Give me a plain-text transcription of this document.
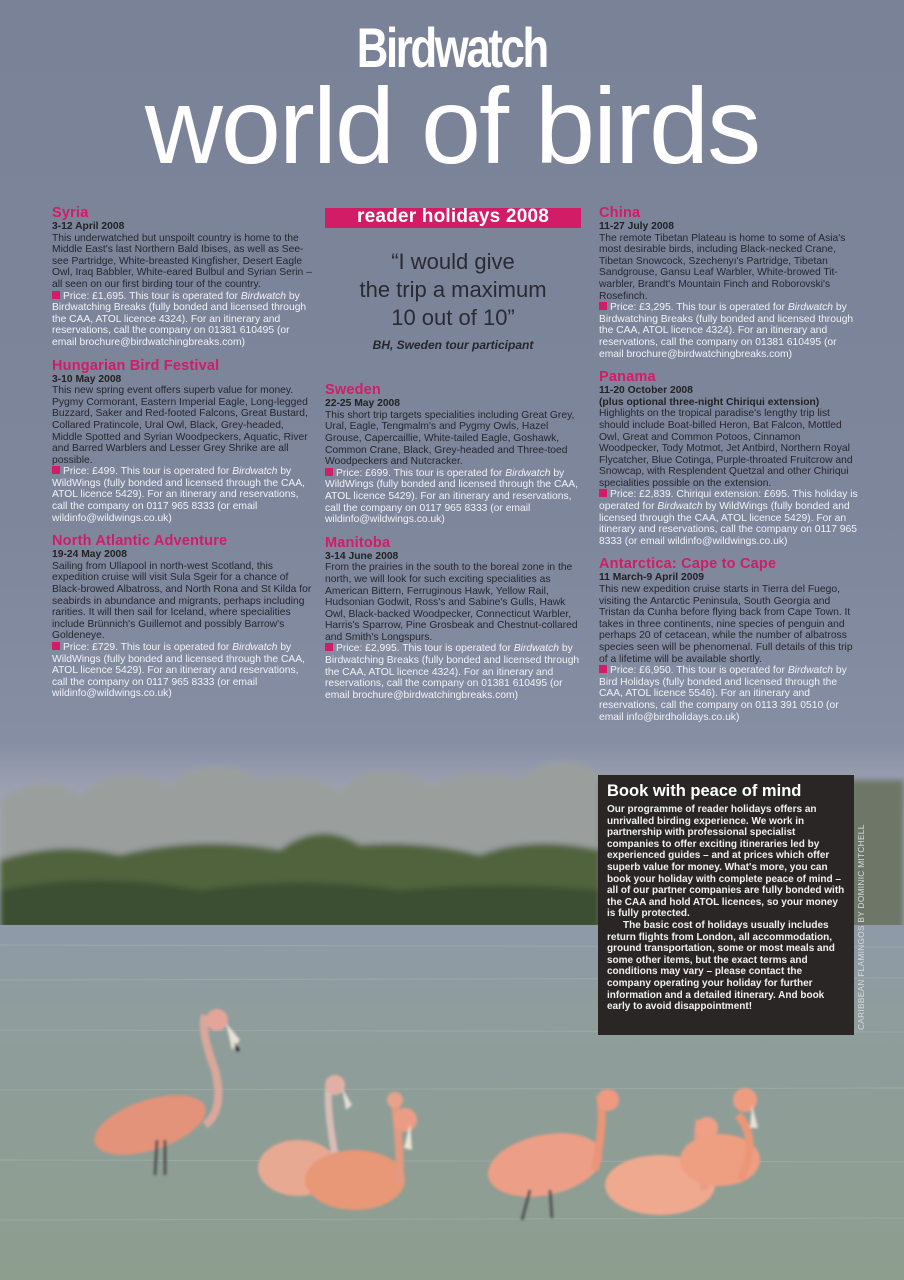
Birdwatch
world of birds
Syria
3-12 April 2008
This underwatched but unspoilt country is home to the Middle East's last Northern Bald Ibises, as well as See-see Partridge, White-breasted Kingfisher, Desert Eagle Owl, Iraq Babbler, White-eared Bulbul and Syrian Serin – all seen on our first birding tour of the country.
Price: £1,695. This tour is operated for Birdwatch by Birdwatching Breaks (fully bonded and licensed through the CAA, ATOL licence 4324). For an itinerary and reservations, call the company on 01381 610495 (or email brochure@birdwatchingbreaks.com)
Hungarian Bird Festival
3-10 May 2008
This new spring event offers superb value for money. Pygmy Cormorant, Eastern Imperial Eagle, Long-legged Buzzard, Saker and Red-footed Falcons, Great Bustard, Collared Pratincole, Ural Owl, Black, Grey-headed, Middle Spotted and Syrian Woodpeckers, Aquatic, River and Barred Warblers and Lesser Grey Shrike are all possible.
Price: £499. This tour is operated for Birdwatch by WildWings (fully bonded and licensed through the CAA, ATOL licence 5429). For an itinerary and reservations, call the company on 0117 965 8333 (or email wildinfo@wildwings.co.uk)
North Atlantic Adventure
19-24 May 2008
Sailing from Ullapool in north-west Scotland, this expedition cruise will visit Sula Sgeir for a chance of Black-browed Albatross, and North Rona and St Kilda for seabirds in abundance and migrants, perhaps including rarities. It will then sail for Iceland, where specialities include Brünnich's Guillemot and possibly Barrow's Goldeneye.
Price: £729. This tour is operated for Birdwatch by WildWings (fully bonded and licensed through the CAA, ATOL licence 5429). For an itinerary and reservations, call the company on 0117 965 8333 (or email wildinfo@wildwings.co.uk)
reader holidays 2008
“I would give
the trip a maximum
10 out of 10”
BH, Sweden tour participant
Sweden
22-25 May 2008
This short trip targets specialities including Great Grey, Ural, Eagle, Tengmalm's and Pygmy Owls, Hazel Grouse, Capercaillie, White-tailed Eagle, Goshawk, Common Crane, Black, Grey-headed and Three-toed Woodpeckers and Nutcracker.
Price: £699. This tour is operated for Birdwatch by WildWings (fully bonded and licensed through the CAA, ATOL licence 5429). For an itinerary and reservations, call the company on 0117 965 8333 (or email wildinfo@wildwings.co.uk)
Manitoba
3-14 June 2008
From the prairies in the south to the boreal zone in the north, we will look for such exciting specialities as American Bittern, Ferruginous Hawk, Yellow Rail, Hudsonian Godwit, Ross's and Sabine's Gulls, Hawk Owl, Black-backed Woodpecker, Connecticut Warbler, Harris's Sparrow, Pine Grosbeak and Chestnut-collared and Smith's Longspurs.
Price: £2,995. This tour is operated for Birdwatch by Birdwatching Breaks (fully bonded and licensed through the CAA, ATOL licence 4324). For an itinerary and reservations, call the company on 01381 610495 (or email brochure@birdwatchingbreaks.com)
China
11-27 July 2008
The remote Tibetan Plateau is home to some of Asia's most desirable birds, including Black-necked Crane, Tibetan Snowcock, Szechenyı's Partridge, Tibetan Sandgrouse, Gansu Leaf Warbler, White-browed Tit-warbler, Brandt's Mountain Finch and Roborovski's Rosefinch.
Price: £3,295. This tour is operated for Birdwatch by Birdwatching Breaks (fully bonded and licensed through the CAA, ATOL licence 4324). For an itinerary and reservations, call the company on 01381 610495 (or email brochure@birdwatchingbreaks.com)
Panama
11-20 October 2008
(plus optional three-night Chiriqui extension)
Highlights on the tropical paradise's lengthy trip list should include Boat-billed Heron, Bat Falcon, Mottled Owl, Great and Common Potoos, Cinnamon Woodpecker, Tody Motmot, Jet Antbird, Northern Royal Flycatcher, Blue Cotinga, Purple-throated Fruitcrow and Snowcap, with Resplendent Quetzal and other Chiriqui specialities possible on the extension.
Price: £2,839. Chiriqui extension: £695. This holiday is operated for Birdwatch by WildWings (fully bonded and licensed through the CAA, ATOL licence 5429). For an itinerary and reservations, call the company on 0117 965 8333 (or email wildinfo@wildwings.co.uk)
Antarctica: Cape to Cape
11 March-9 April 2009
This new expedition cruise starts in Tierra del Fuego, visiting the Antarctic Peninsula, South Georgia and Tristan da Cunha before flying back from Cape Town. It takes in three continents, nine species of penguin and perhaps 20 of cetacean, while the number of albatross species seen will be phenomenal. Full details of this trip of a lifetime will be available shortly.
Price: £6,950. This tour is operated for Birdwatch by Bird Holidays (fully bonded and licensed through the CAA, ATOL licence 5546). For an itinerary and reservations, call the company on 0113 391 0510 (or email info@birdholidays.co.uk)
Book with peace of mind

Our programme of reader holidays offers an unrivalled birding experience. We work in partnership with professional specialist companies to offer exciting itineraries led by experienced guides – and at prices which offer superb value for money. What's more, you can book your holiday with complete peace of mind – all of our partner companies are fully bonded with the CAA and hold ATOL licences, so your money is fully protected.

The basic cost of holidays usually includes return flights from London, all accommodation, ground transportation, some or most meals and some other items, but the exact terms and conditions may vary – please contact the company operating your holiday for further information and a detailed itinerary. And book early to avoid disappointment!	CARIBBEAN FLAMINGOS BY DOMINIC MITCHELL
